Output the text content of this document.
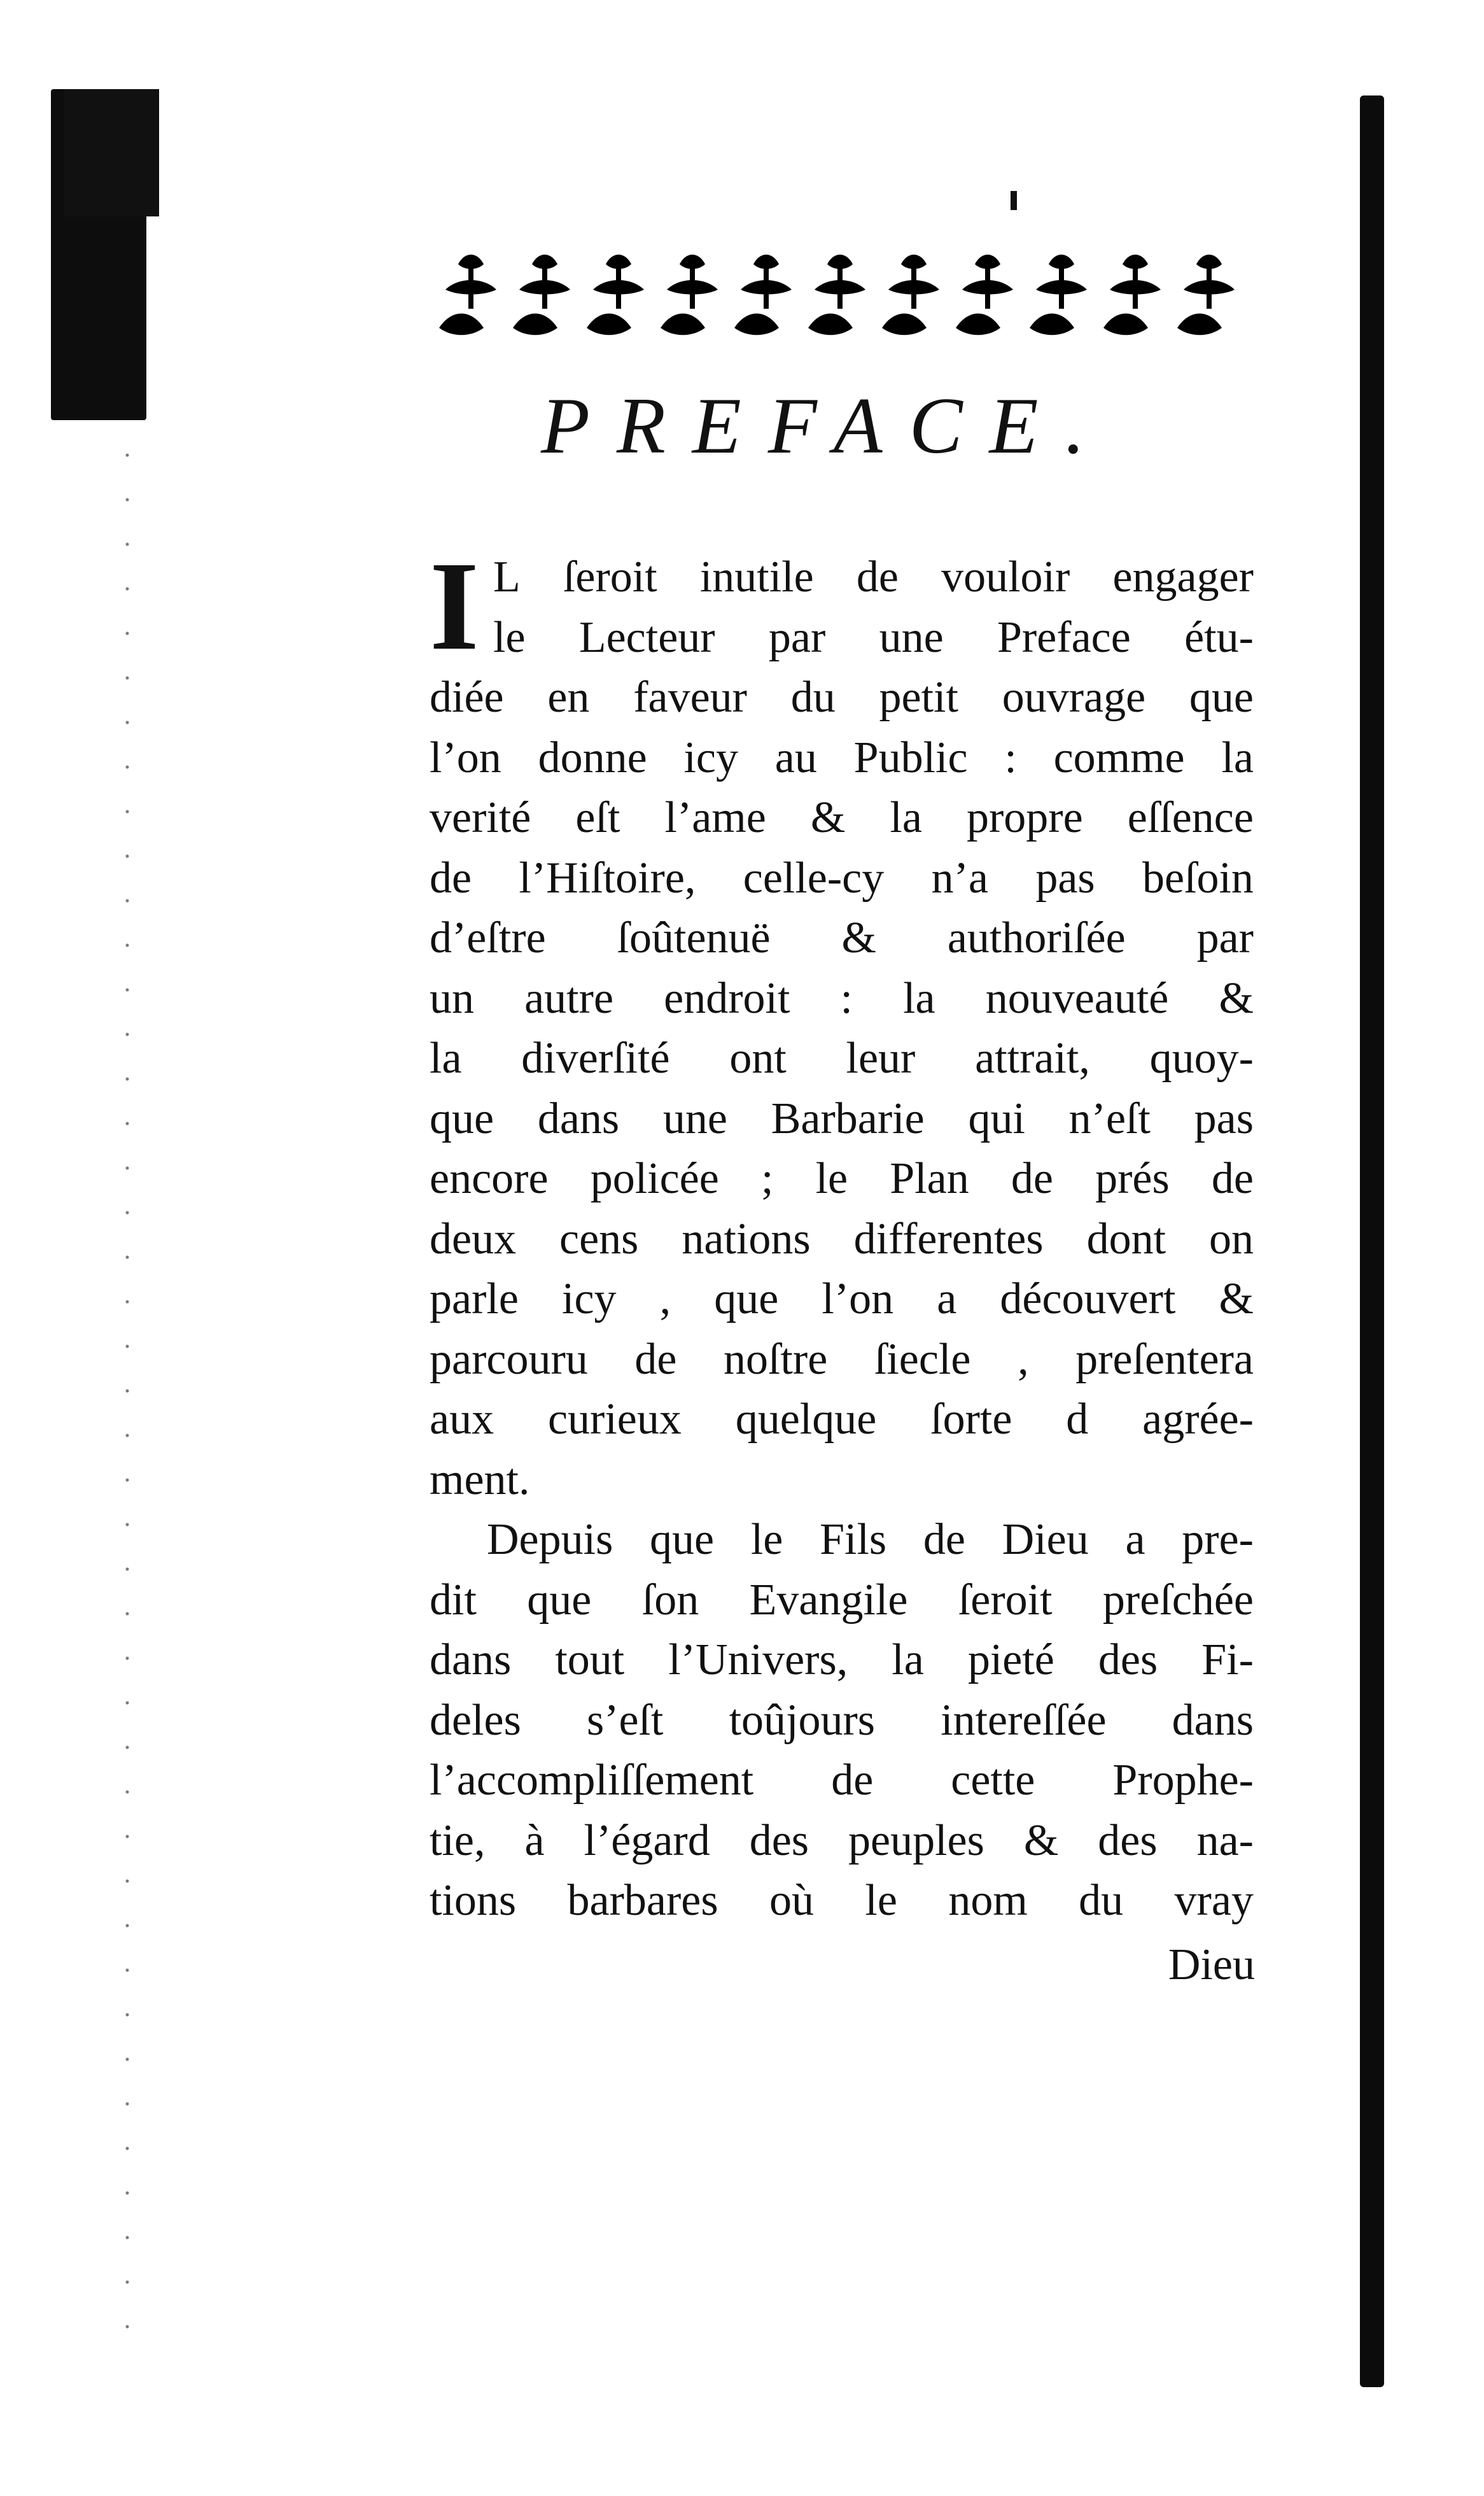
PREFACE.
I L ſeroit inutile de vouloir engager
le Lecteur par une Preface étu-
diée en faveur du petit ouvrage que
l’on donne icy au Public : comme la
verité eſt l’ame & la propre eſſence
de l’Hiſtoire, celle-cy n’a pas beſoin
d’eſtre ſoûtenuë & authoriſée par
un autre endroit : la nouveauté &
la diverſité ont leur attrait, quoy-
que dans une Barbarie qui n’eſt pas
encore policée ; le Plan de prés de
deux cens nations differentes dont on
parle icy , que l’on a découvert &
parcouru de noſtre ſiecle , preſentera
aux curieux quelque ſorte d agrée-
ment.
Depuis que le Fils de Dieu a pre-
dit que ſon Evangile ſeroit preſchée
dans tout l’Univers, la pieté des Fi-
deles s’eſt toûjours intereſſée dans
l’accompliſſement de cette Prophe-
tie, à l’égard des peuples & des na-
tions barbares où le nom du vray
Dieu
